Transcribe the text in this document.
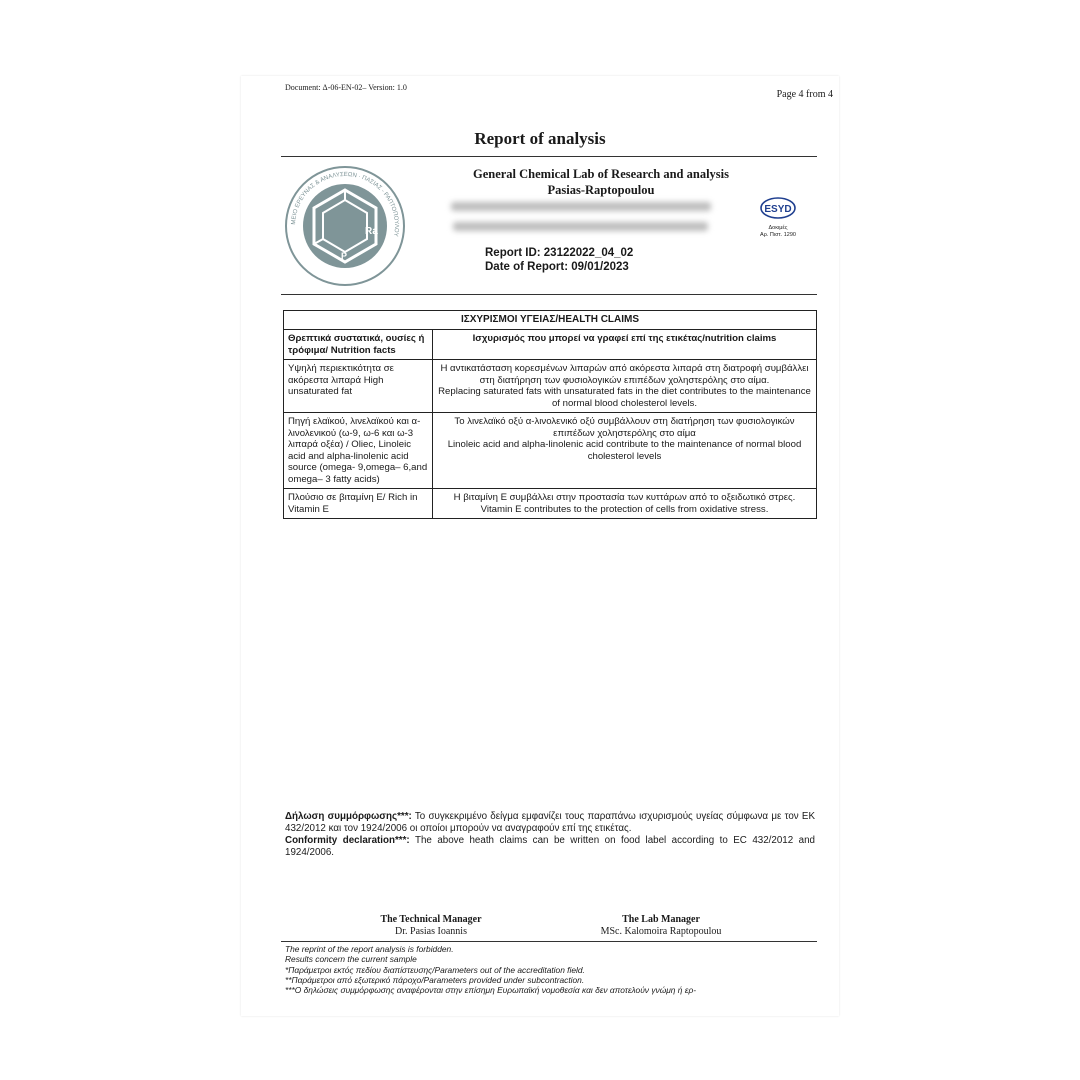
Document: Δ-06-EN-02– Version: 1.0
Page 4 from 4
Report of analysis
ΜΕΙΟ ΕΡΕΥΝΑΣ & ΑΝΑΛΥΣΕΩΝ · ΠΑΣΙΑΣ - ΡΑΠΤΟΠΟΥΛΟΥ
Ra
P
General Chemical Lab of Research and analysis
Pasias-Raptopoulou
ESYD
Δοκιμές
Αρ. Πιστ. 1290
Report ID: 23122022_04_02
Date of Report: 09/01/2023
ΙΣΧΥΡΙΣΜΟΙ ΥΓΕΙΑΣ/HEALTH CLAIMS	
Θρεπτικά συστατικά, ουσίες ή τρόφιμα/ Nutrition facts	Ισχυρισμός που μπορεί να γραφεί επί της ετικέτας/nutrition claims
Υψηλή περιεκτικότητα σε ακόρεστα λιπαρά High unsaturated fat	Η αντικατάσταση κορεσμένων λιπαρών από ακόρεστα λιπαρά στη διατροφή συμβάλλει στη διατήρηση των φυσιολογικών επιπέδων χοληστερόλης στο αίμα.
Replacing saturated fats with unsaturated fats in the diet contributes to the maintenance of normal blood cholesterol levels.

Πηγή ελαϊκού, λινελαϊκού και α-λινολενικού (ω-9, ω-6 και ω-3 λιπαρά οξέα) / Oliec, Linoleic acid and alpha-linolenic acid source (omega- 9,omega– 6,and omega– 3 fatty acids)	Το λινελαϊκό οξύ α-λινολενικό οξύ συμβάλλουν στη διατήρηση των φυσιολογικών επιπέδων χοληστερόλης στο αίμα
Linoleic acid and alpha-linolenic acid contribute to the maintenance of normal blood cholesterol levels

Πλούσιο σε βιταμίνη Ε/ Rich in Vitamin E	Η βιταμίνη Ε συμβάλλει στην προστασία των κυττάρων από το οξειδωτικό στρες.
Vitamin E contributes to the protection of cells from oxidative stress.
Δήλωση συμμόρφωσης***: Το συγκεκριμένο δείγμα εμφανίζει τους παραπάνω ισχυρισμούς υγείας σύμφωνα με τον ΕΚ 432/2012 και τον 1924/2006 οι οποίοι μπορούν να αναγραφούν επί της ετικέτας.
Conformity declaration***: The above heath claims can be written on food label according to EC 432/2012 and 1924/2006.
The Technical Manager
Dr. Pasias Ioannis
The Lab Manager
MSc. Kalomoira Raptopoulou
The reprint of the report analysis is forbidden.
Results concern the current sample
*Παράμετροι εκτός πεδίου διαπίστευσης/Parameters out of the accreditation field.
**Παράμετροι από εξωτερικό πάροχο/Parameters provided under subcontraction.
***Ο δηλώσεις συμμόρφωσης αναφέρονται στην επίσημη Ευρωπαϊκή νομοθεσία και δεν αποτελούν γνώμη ή ερ-
